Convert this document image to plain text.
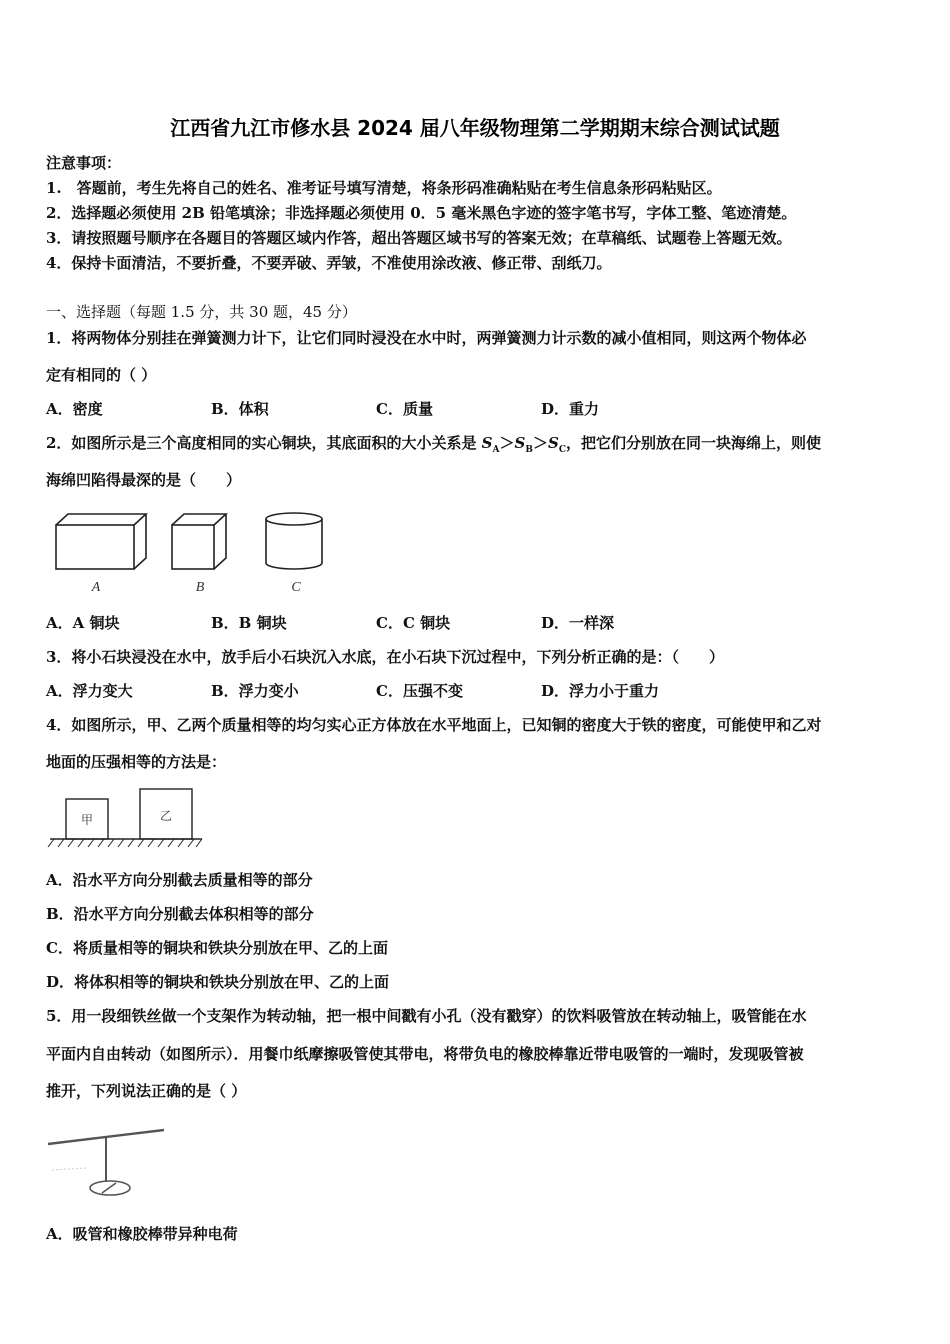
江西省九江市修水县 2024 届八年级物理第二学期期末综合测试试题
注意事项：
1.　答题前，考生先将自己的姓名、准考证号填写清楚，将条形码准确粘贴在考生信息条形码粘贴区。
2．选择题必须使用 2B 铅笔填涂；非选择题必须使用 0．5 毫米黑色字迹的签字笔书写，字体工整、笔迹清楚。
3．请按照题号顺序在各题目的答题区域内作答，超出答题区域书写的答案无效；在草稿纸、试题卷上答题无效。
4．保持卡面清洁，不要折叠，不要弄破、弄皱，不准使用涂改液、修正带、刮纸刀。
一、选择题（每题 1.5 分，共 30 题，45 分）
1．将两物体分别挂在弹簧测力计下，让它们同时浸没在水中时，两弹簧测力计示数的减小值相同，则这两个物体必
定有相同的（ ）
A．密度	B．体积	C．质量	D．重力
2．如图所示是三个高度相同的实心铜块，其底面积的大小关系是 $S_A>S_B>S_C$，把它们分别放在同一块海绵上，则使
海绵凹陷得最深的是（　　）
A	B	C
A．A 铜块	B．B 铜块	C．C 铜块	D．一样深
3．将小石块浸没在水中，放手后小石块沉入水底，在小石块下沉过程中，下列分析正确的是：（　　）
A．浮力变大	B．浮力变小	C．压强不变	D．浮力小于重力
4．如图所示，甲、乙两个质量相等的均匀实心正方体放在水平地面上，已知铜的密度大于铁的密度，可能使甲和乙对
地面的压强相等的方法是：
甲	乙
A．沿水平方向分别截去质量相等的部分
B．沿水平方向分别截去体积相等的部分
C．将质量相等的铜块和铁块分别放在甲、乙的上面
D．将体积相等的铜块和铁块分别放在甲、乙的上面
5．用一段细铁丝做一个支架作为转动轴，把一根中间戳有小孔（没有戳穿）的饮料吸管放在转动轴上，吸管能在水
平面内自由转动（如图所示）．用餐巾纸摩擦吸管使其带电，将带负电的橡胶棒靠近带电吸管的一端时，发现吸管被
推开，下列说法正确的是（ ）
A．吸管和橡胶棒带异种电荷
